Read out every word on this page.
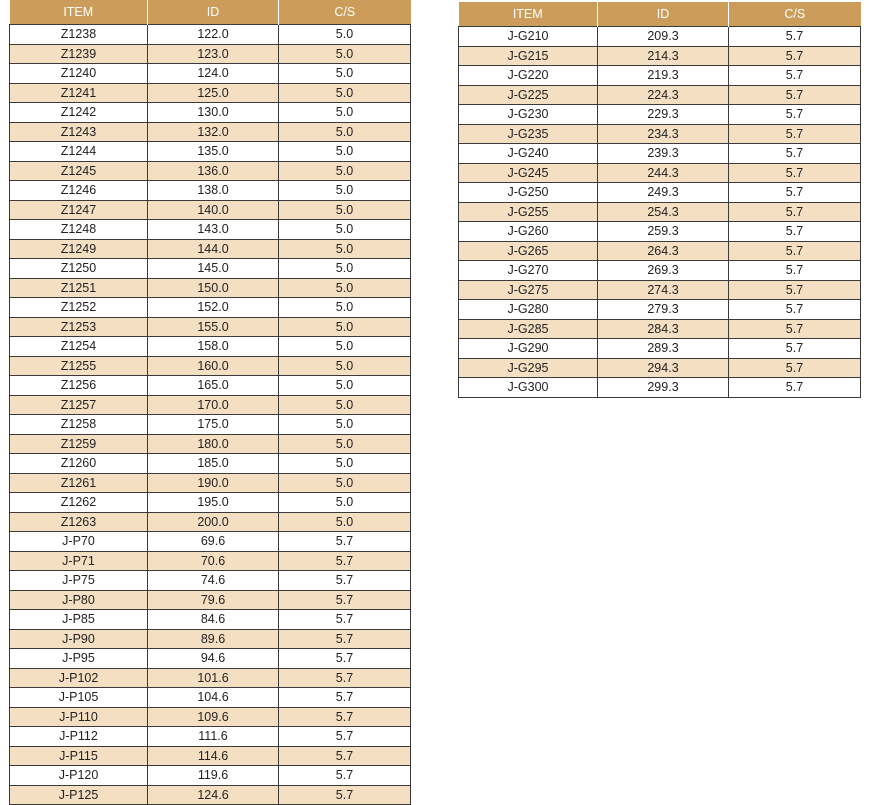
ITEM	ID	C/S
Z1238	122.0	5.0
Z1239	123.0	5.0
Z1240	124.0	5.0
Z1241	125.0	5.0
Z1242	130.0	5.0
Z1243	132.0	5.0
Z1244	135.0	5.0
Z1245	136.0	5.0
Z1246	138.0	5.0
Z1247	140.0	5.0
Z1248	143.0	5.0
Z1249	144.0	5.0
Z1250	145.0	5.0
Z1251	150.0	5.0
Z1252	152.0	5.0
Z1253	155.0	5.0
Z1254	158.0	5.0
Z1255	160.0	5.0
Z1256	165.0	5.0
Z1257	170.0	5.0
Z1258	175.0	5.0
Z1259	180.0	5.0
Z1260	185.0	5.0
Z1261	190.0	5.0
Z1262	195.0	5.0
Z1263	200.0	5.0
J-P70	69.6	5.7
J-P71	70.6	5.7
J-P75	74.6	5.7
J-P80	79.6	5.7
J-P85	84.6	5.7
J-P90	89.6	5.7
J-P95	94.6	5.7
J-P102	101.6	5.7
J-P105	104.6	5.7
J-P110	109.6	5.7
J-P112	111.6	5.7
J-P115	114.6	5.7
J-P120	119.6	5.7
J-P125	124.6	5.7
ITEM	ID	C/S
J-G210	209.3	5.7
J-G215	214.3	5.7
J-G220	219.3	5.7
J-G225	224.3	5.7
J-G230	229.3	5.7
J-G235	234.3	5.7
J-G240	239.3	5.7
J-G245	244.3	5.7
J-G250	249.3	5.7
J-G255	254.3	5.7
J-G260	259.3	5.7
J-G265	264.3	5.7
J-G270	269.3	5.7
J-G275	274.3	5.7
J-G280	279.3	5.7
J-G285	284.3	5.7
J-G290	289.3	5.7
J-G295	294.3	5.7
J-G300	299.3	5.7
